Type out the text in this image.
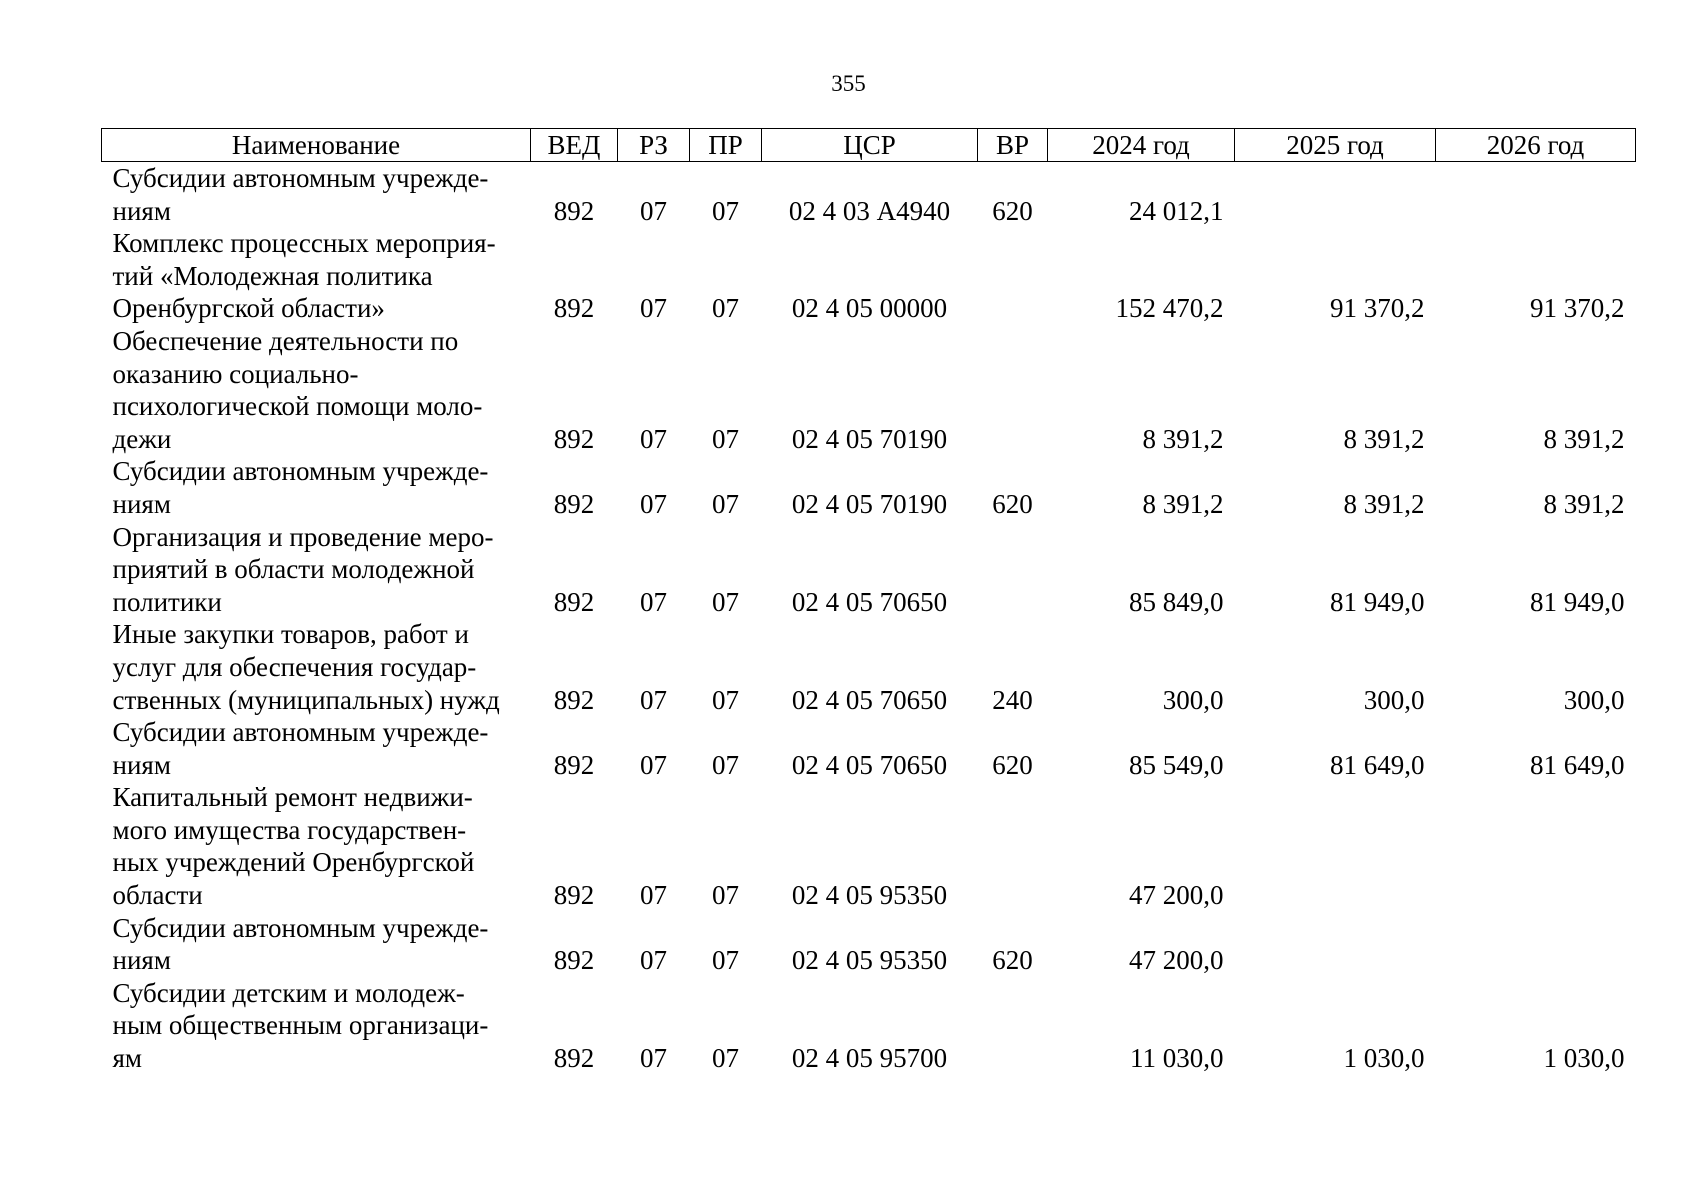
355
Наименование	ВЕД	РЗ	ПР	ЦСР	ВР	2024 год	2025 год	2026 год

Субсидии автономным учрежде-
ниям	892	07	07	02 4 03 А4940	620	24 012,1		

Комплекс процессных мероприя-
тий «Молодежная политика
Оренбургской области»	892	07	07	02 4 05 00000		152 470,2	91 370,2	91 370,2

Обеспечение деятельности по
оказанию социально-
психологической помощи моло-
дежи	892	07	07	02 4 05 70190		8 391,2	8 391,2	8 391,2

Субсидии автономным учрежде-
ниям	892	07	07	02 4 05 70190	620	8 391,2	8 391,2	8 391,2

Организация и проведение меро-
приятий в области молодежной
политики	892	07	07	02 4 05 70650		85 849,0	81 949,0	81 949,0

Иные закупки товаров, работ и
услуг для обеспечения государ-
ственных (муниципальных) нужд	892	07	07	02 4 05 70650	240	300,0	300,0	300,0

Субсидии автономным учрежде-
ниям	892	07	07	02 4 05 70650	620	85 549,0	81 649,0	81 649,0

Капитальный ремонт недвижи-
мого имущества государствен-
ных учреждений Оренбургской
области	892	07	07	02 4 05 95350		47 200,0		

Субсидии автономным учрежде-
ниям	892	07	07	02 4 05 95350	620	47 200,0		

Субсидии детским и молодеж-
ным общественным организаци-
ям	892	07	07	02 4 05 95700		11 030,0	1 030,0	1 030,0
